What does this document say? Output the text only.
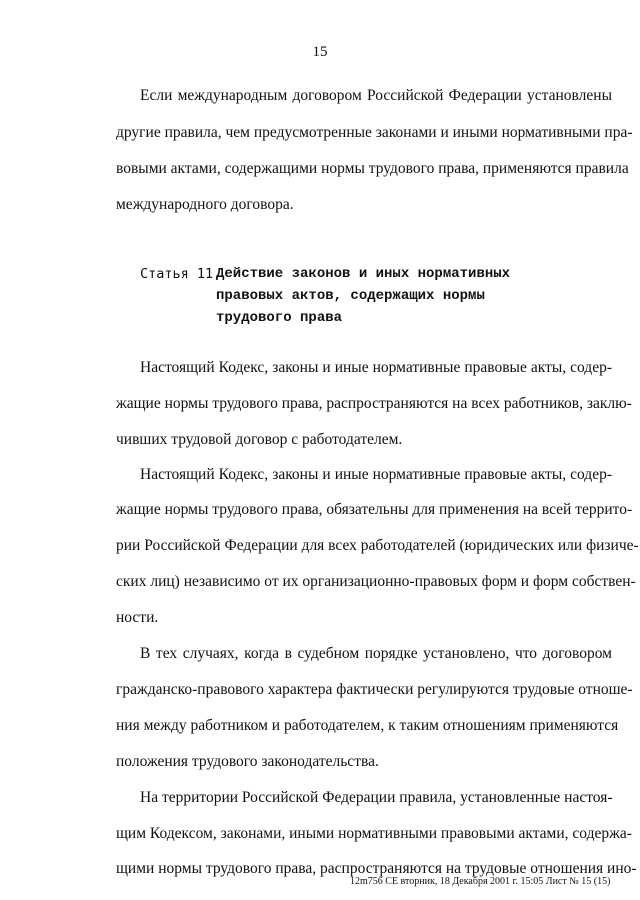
15
Если международным договором Российской Федерации установлены
другие правила, чем предусмотренные законами и иными нормативными пра-
вовыми актами, содержащими нормы трудового права, применяются правила
международного договора.
Статья 11.
Действие законов и иных нормативных
правовых актов, содержащих нормы
трудового права
Настоящий Кодекс, законы и иные нормативные правовые акты, содер-
жащие нормы трудового права, распространяются на всех работников, заклю-
чивших трудовой договор с работодателем.
Настоящий Кодекс, законы и иные нормативные правовые акты, содер-
жащие нормы трудового права, обязательны для применения на всей террито-
рии Российской Федерации для всех работодателей (юридических или физиче-
ских лиц) независимо от их организационно-правовых форм и форм собствен-
ности.
В тех случаях, когда в судебном порядке установлено, что договором
гражданско-правового характера фактически регулируются трудовые отноше-
ния между работником и работодателем, к таким отношениям применяются
положения трудового законодательства.
На территории Российской Федерации правила, установленные настоя-
щим Кодексом, законами, иными нормативными правовыми актами, содержа-
щими нормы трудового права, распространяются на трудовые отношения ино-
12m756 CE вторник, 18 Декабря 2001 г. 15:05 Лист № 15 (15)
